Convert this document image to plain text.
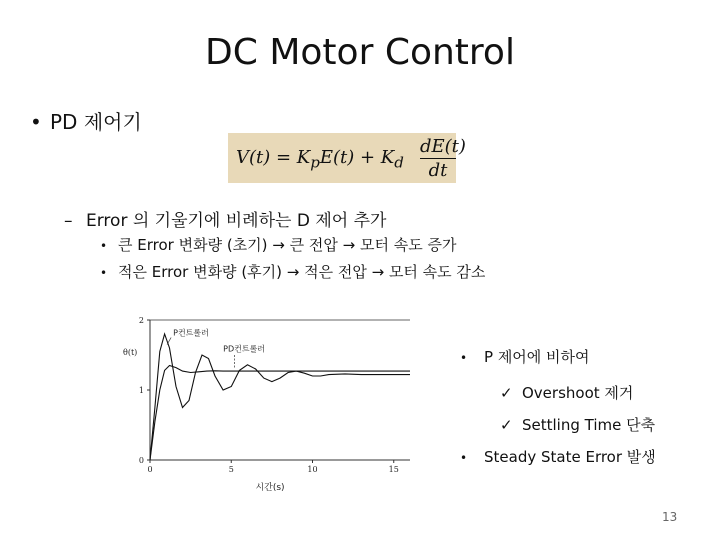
DC Motor Control
• PD 제어기
$V(t) = K_pE(t) + K_d \frac{dE(t)}{dt}$
– Error 의 기울기에 비례하는 D 제어 추가
• 큰 Error 변화량 (초기) → 큰 전압 → 모터 속도 증가
• 적은 Error 변화량 (후기) → 적은 전압 → 모터 속도 감소
0
1
2
0	5	10	15
θ(t)
시간(s)
P컨트롤러
PD컨트롤러
• P 제어에 비하여
✓ Overshoot 제거
✓ Settling Time 단축
• Steady State Error 발생
13
